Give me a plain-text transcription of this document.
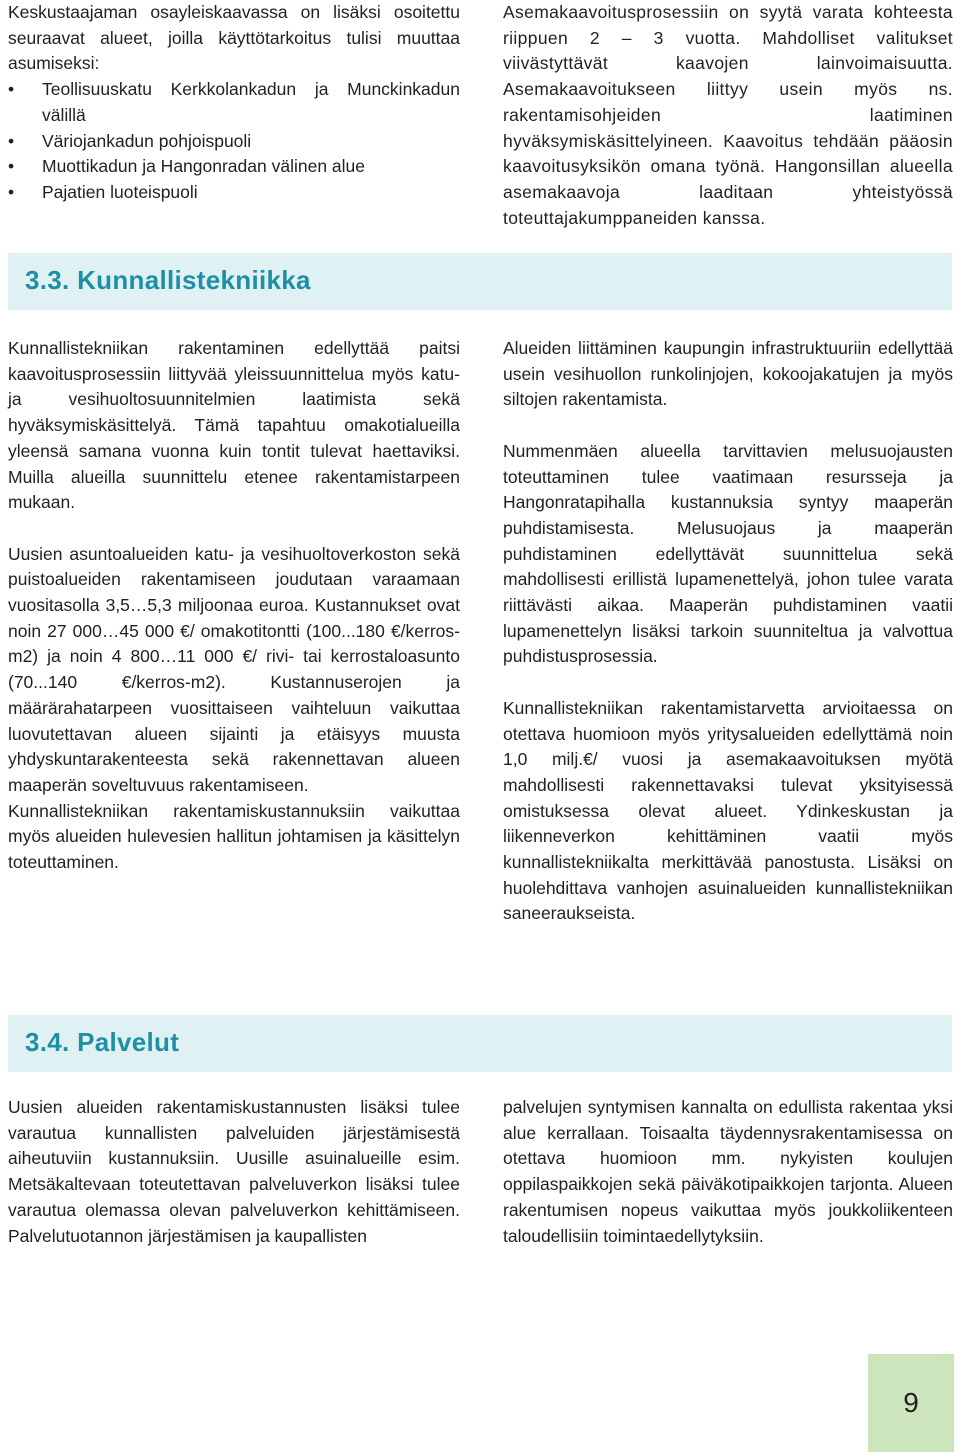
Keskustaajaman osayleiskaavassa on lisäksi osoitettu seuraavat alueet, joilla käyttötarkoitus tulisi muuttaa asumiseksi:

• Teollisuuskatu Kerkkolankadun ja Munckinkadun välillä
• Väriojankadun pohjoispuoli
• Muottikadun ja Hangonradan välinen alue
• Pajatien luoteispuoli

Asemakaavoitusprosessiin on syytä varata kohteesta riippuen 2 – 3 vuotta. Mahdolliset valitukset viivästyttävät kaavojen lainvoimaisuutta. Asemakaavoitukseen liittyy usein myös ns. rakentamisohjeiden laatiminen hyväksymiskäsittelyineen. Kaavoitus tehdään pääosin kaavoitusyksikön omana työnä. Hangonsillan alueella asemakaavoja laaditaan yhteistyössä toteuttajakumppaneiden kanssa.

3.3. Kunnallistekniikka

Kunnallistekniikan rakentaminen edellyttää paitsi kaavoitusprosessiin liittyvää yleissuunnittelua myös katu- ja vesihuoltosuunnitelmien laatimista sekä hyväksymiskäsittelyä. Tämä tapahtuu omakotialueilla yleensä samana vuonna kuin tontit tulevat haettaviksi. Muilla alueilla suunnittelu etenee rakentamistarpeen mukaan.

Uusien asuntoalueiden katu- ja vesihuoltoverkoston sekä puistoalueiden rakentamiseen joudutaan varaamaan vuositasolla 3,5…5,3 miljoonaa euroa. Kustannukset ovat noin 27 000…45 000 €/ omakotitontti (100...180 €/kerros-m2) ja noin 4 800…11 000 €/ rivi- tai kerrostaloasunto (70...140 €/kerros-m2). Kustannuserojen ja määrärahatarpeen vuosittaiseen vaihteluun vaikuttaa luovutettavan alueen sijainti ja etäisyys muusta yhdyskuntarakenteesta sekä rakennettavan alueen maaperän soveltuvuus rakentamiseen.

Kunnallistekniikan rakentamiskustannuksiin vaikuttaa myös alueiden hulevesien hallitun johtamisen ja käsittelyn toteuttaminen.

Alueiden liittäminen kaupungin infrastruktuuriin edellyttää usein vesihuollon runkolinjojen, kokoojakatujen ja myös siltojen rakentamista.

Nummenmäen alueella tarvittavien melusuojausten toteuttaminen tulee vaatimaan resursseja ja Hangonratapihalla kustannuksia syntyy maaperän puhdistamisesta. Melusuojaus ja maaperän puhdistaminen edellyttävät suunnittelua sekä mahdollisesti erillistä lupamenettelyä, johon tulee varata riittävästi aikaa. Maaperän puhdistaminen vaatii lupamenettelyn lisäksi tarkoin suunniteltua ja valvottua puhdistusprosessia.

Kunnallistekniikan rakentamistarvetta arvioitaessa on otettava huomioon myös yritysalueiden edellyttämä noin 1,0 milj.€/ vuosi ja asemakaavoituksen myötä mahdollisesti rakennettavaksi tulevat yksityisessä omistuksessa olevat alueet. Ydinkeskustan ja liikenneverkon kehittäminen vaatii myös kunnallistekniikalta merkittävää panostusta. Lisäksi on huolehdittava vanhojen asuinalueiden kunnallistekniikan saneeraukseista.

3.4. Palvelut

Uusien alueiden rakentamiskustannusten lisäksi tulee varautua kunnallisten palveluiden järjestämisestä aiheutuviin kustannuksiin. Uusille asuinalueille esim. Metsäkaltevaan toteutettavan palveluverkon lisäksi tulee varautua olemassa olevan palveluverkon kehittämiseen. Palvelutuotannon järjestämisen ja kaupallisten

palvelujen syntymisen kannalta on edullista rakentaa yksi alue kerrallaan. Toisaalta täydennysrakentamisessa on otettava huomioon mm. nykyisten koulujen oppilaspaikkojen sekä päiväkotipaikkojen tarjonta. Alueen rakentumisen nopeus vaikuttaa myös joukkoliikenteen taloudellisiin toimintaedellytyksiin.

9
